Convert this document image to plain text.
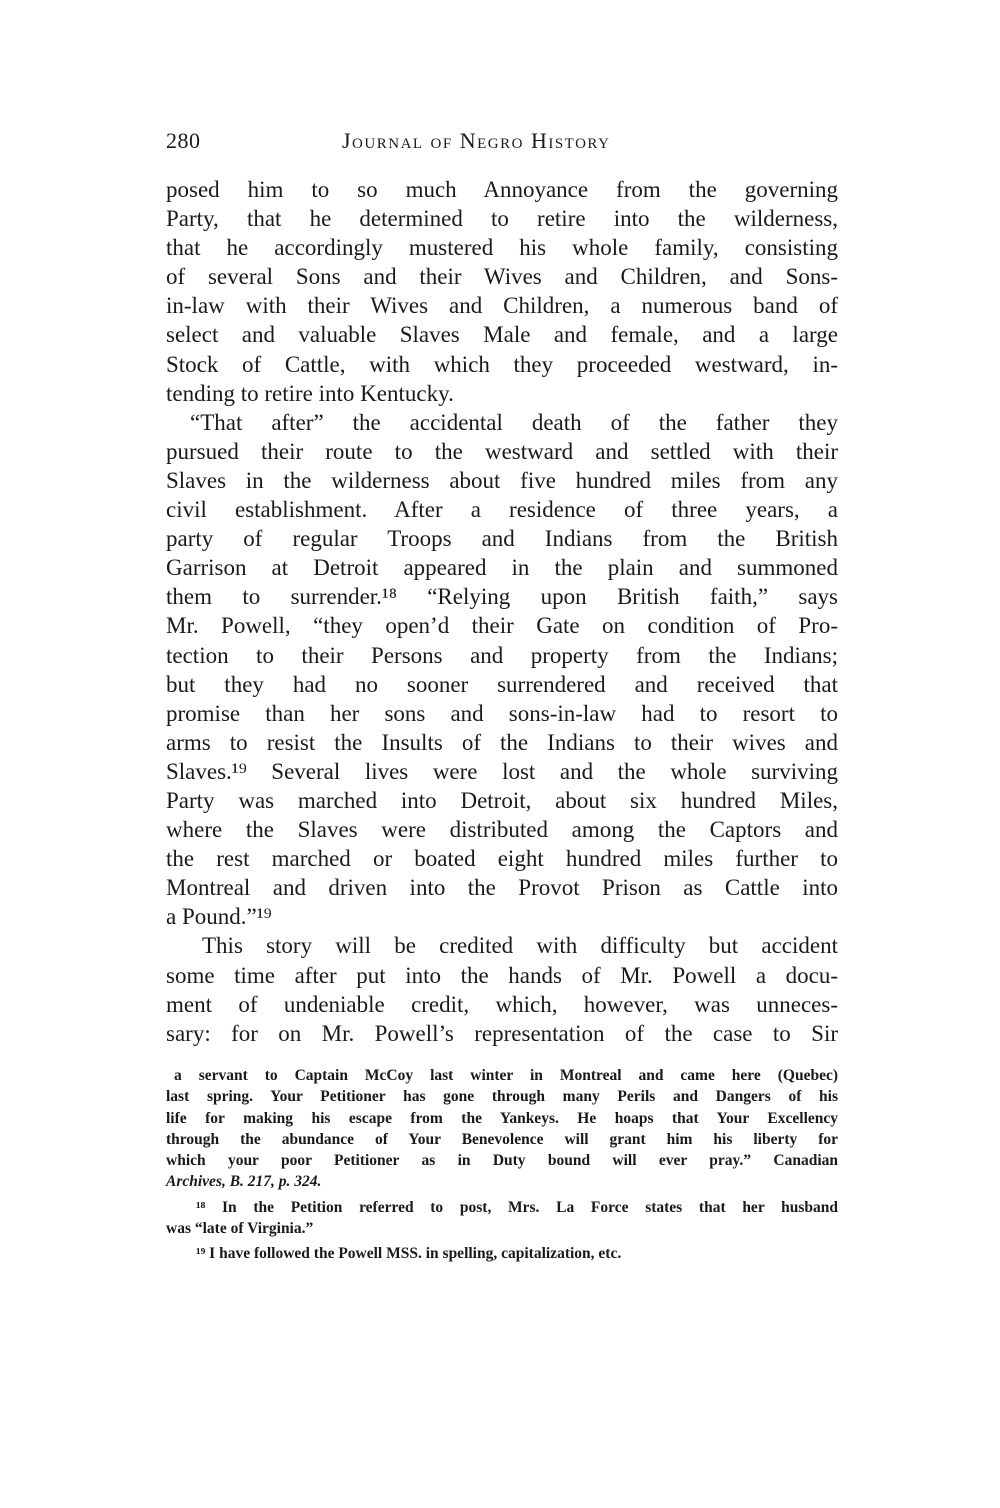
280	Journal of Negro History
posed him to so much Annoyance from the governing
Party, that he determined to retire into the wilderness,
that he accordingly mustered his whole family, consisting
of several Sons and their Wives and Children, and Sons-
in-law with their Wives and Children, a numerous band of
select and valuable Slaves Male and female, and a large
Stock of Cattle, with which they proceeded westward, in-
tending to retire into Kentucky.
“That after” the accidental death of the father they
pursued their route to the westward and settled with their
Slaves in the wilderness about five hundred miles from any
civil establishment. After a residence of three years, a
party of regular Troops and Indians from the British
Garrison at Detroit appeared in the plain and summoned
them to surrender.¹⁸ “Relying upon British faith,” says
Mr. Powell, “they open’d their Gate on condition of Pro-
tection to their Persons and property from the Indians;
but they had no sooner surrendered and received that
promise than her sons and sons-in-law had to resort to
arms to resist the Insults of the Indians to their wives and
Slaves.¹⁹ Several lives were lost and the whole surviving
Party was marched into Detroit, about six hundred Miles,
where the Slaves were distributed among the Captors and
the rest marched or boated eight hundred miles further to
Montreal and driven into the Provot Prison as Cattle into
a Pound.”¹⁹
This story will be credited with difficulty but accident
some time after put into the hands of Mr. Powell a docu-
ment of undeniable credit, which, however, was unneces-
sary: for on Mr. Powell’s representation of the case to Sir
a servant to Captain McCoy last winter in Montreal and came here (Quebec)
last spring. Your Petitioner has gone through many Perils and Dangers of his
life for making his escape from the Yankeys. He hoaps that Your Excellency
through the abundance of Your Benevolence will grant him his liberty for
which your poor Petitioner as in Duty bound will ever pray.” Canadian
Archives, B. 217, p. 324.
¹⁸ In the Petition referred to post, Mrs. La Force states that her husband
was “late of Virginia.”
¹⁹ I have followed the Powell MSS. in spelling, capitalization, etc.
